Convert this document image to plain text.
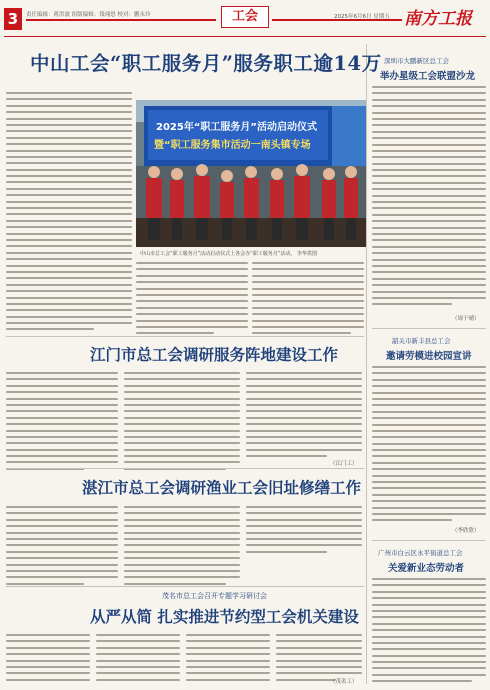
3	责任编辑：蒋洪波 组版编辑：钱翊思 校对：鹏永玲	工会	2025年6月6日 星期五 南方工报
中山工会“职工服务月”服务职工逾14万
2025年“职工服务月”活动启动仪式
暨“职工服务集市活动一南头镇专场
中山市总工会“职工服务月”活动启动仪式上各会办“职工服务月”活动。 李华供图
江门市总工会调研服务阵地建设工作
（江门工）
湛江市总工会调研渔业工会旧址修缮工作
茂名市总工会召开专题学习研讨会
从严从简 扎实推进节约型工会机关建设
（茂名工）
深圳市大鹏新区总工会
举办星级工会联盟沙龙
（周于晴）
韶关市新丰县总工会
邀请劳模进校园宣讲
（李欣欣）
广州市白云区永平街道总工会
关爱新业态劳动者
